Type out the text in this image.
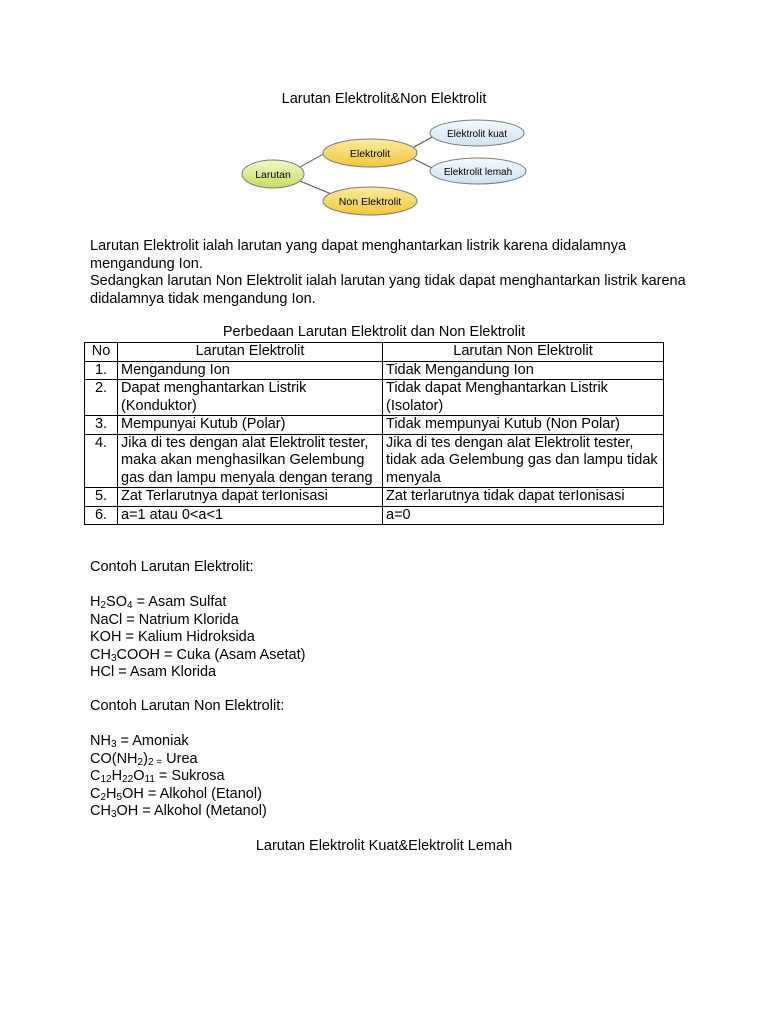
Larutan Elektrolit&Non Elektrolit
Larutan
Elektrolit
Non Elektrolit
Elektrolit kuat
Elektrolit lemah

Larutan Elektrolit ialah larutan yang dapat menghantarkan listrik karena didalamnya mengandung Ion.

Sedangkan larutan Non Elektrolit ialah larutan yang tidak dapat menghantarkan listrik karena didalamnya tidak mengandung Ion.

Perbedaan Larutan Elektrolit dan Non Elektrolit
No	Larutan Elektrolit	Larutan Non Elektrolit
1.	Mengandung Ion	Tidak Mengandung Ion
2.	Dapat menghantarkan Listrik (Konduktor)	Tidak dapat Menghantarkan Listrik (Isolator)
3.	Mempunyai Kutub (Polar)	Tidak mempunyai Kutub (Non Polar)
4.	Jika di tes dengan alat Elektrolit tester, maka akan menghasilkan Gelembung gas dan lampu menyala dengan terang	Jika di tes dengan alat Elektrolit tester, tidak ada Gelembung gas dan lampu tidak menyala
5.	Zat Terlarutnya dapat terIonisasi	Zat terlarutnya tidak dapat terIonisasi
6.	a=1 atau 0<a<1	a=0
Contoh Larutan Elektrolit:
$H_2SO_4$ = Asam Sulfat
NaCl = Natrium Klorida
KOH = Kalium Hidroksida
$CH_3COOH$ = Cuka (Asam Asetat)
HCl = Asam Klorida
Contoh Larutan Non Elektrolit:
$NH_3$ = Amoniak
$CO(NH_2)_{2 =}$ Urea
$C_{12}H_{22}O_{11}$ = Sukrosa
$C_2H_5OH$ = Alkohol (Etanol)
$CH_3OH$ = Alkohol (Metanol)
Larutan Elektrolit Kuat&Elektrolit Lemah
